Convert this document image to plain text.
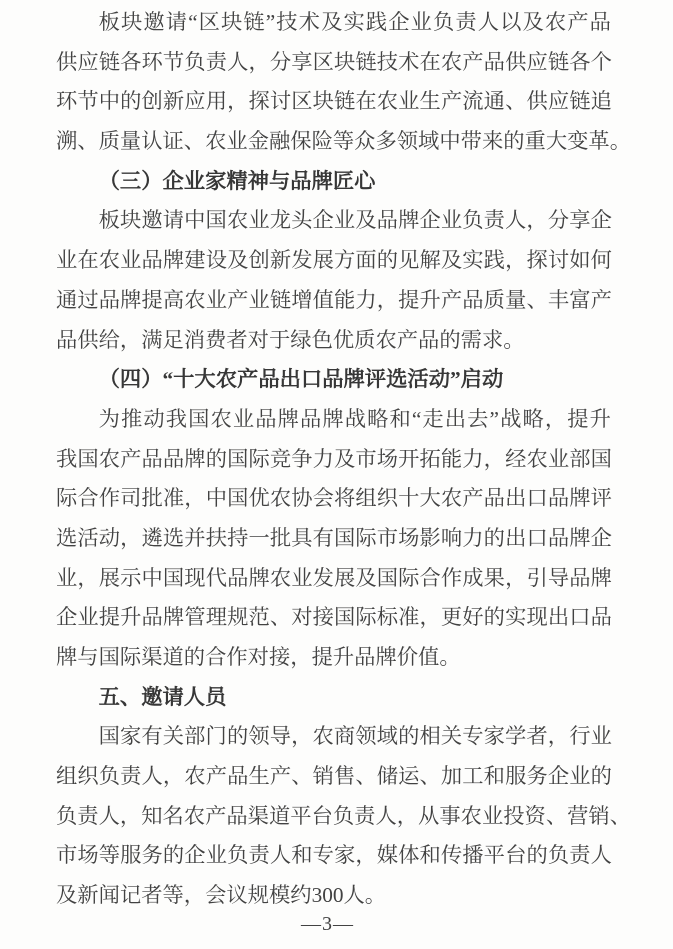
板块邀请“区块链”技术及实践企业负责人以及农产品
供应链各环节负责人，分享区块链技术在农产品供应链各个
环节中的创新应用，探讨区块链在农业生产流通、供应链追
溯、质量认证、农业金融保险等众多领域中带来的重大变革。
（三）企业家精神与品牌匠心
板块邀请中国农业龙头企业及品牌企业负责人，分享企
业在农业品牌建设及创新发展方面的见解及实践，探讨如何
通过品牌提高农业产业链增值能力，提升产品质量、丰富产
品供给，满足消费者对于绿色优质农产品的需求。
（四）“十大农产品出口品牌评选活动”启动
为推动我国农业品牌品牌战略和“走出去”战略，提升
我国农产品品牌的国际竞争力及市场开拓能力，经农业部国
际合作司批准，中国优农协会将组织十大农产品出口品牌评
选活动，遴选并扶持一批具有国际市场影响力的出口品牌企
业，展示中国现代品牌农业发展及国际合作成果，引导品牌
企业提升品牌管理规范、对接国际标准，更好的实现出口品
牌与国际渠道的合作对接，提升品牌价值。
五、邀请人员
国家有关部门的领导，农商领域的相关专家学者，行业
组织负责人，农产品生产、销售、储运、加工和服务企业的
负责人，知名农产品渠道平台负责人，从事农业投资、营销、
市场等服务的企业负责人和专家，媒体和传播平台的负责人
及新闻记者等，会议规模约300人。
—3—
